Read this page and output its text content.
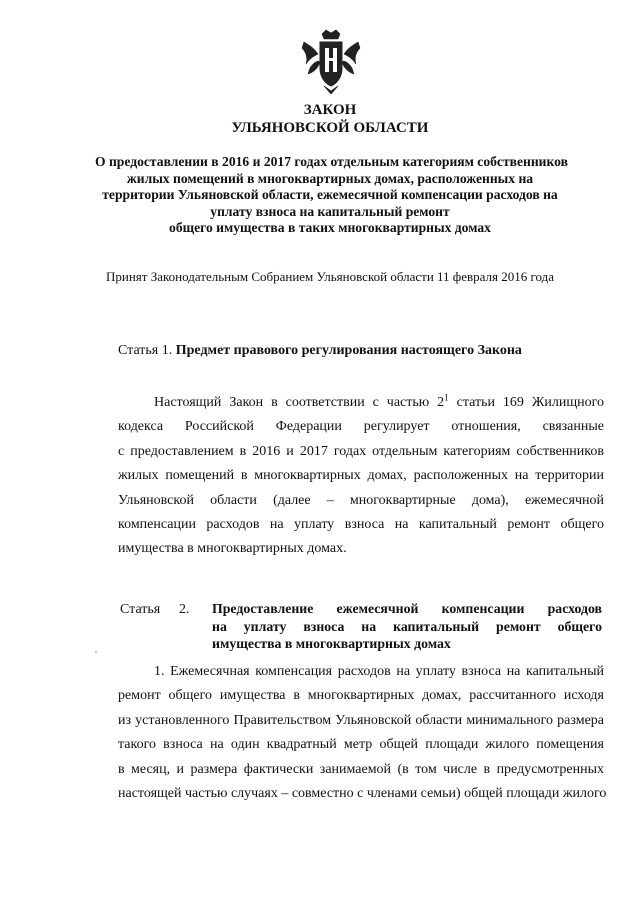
ЗАКОН
УЛЬЯНОВСКОЙ ОБЛАСТИ
О предоставлении в 2016 и 2017 годах отдельным категориям собственников
жилых помещений в многоквартирных домах, расположенных на
территории Ульяновской области, ежемесячной компенсации расходов на
уплату взноса на капитальный ремонт
общего имущества в таких многоквартирных домах
Принят Законодательным Собранием Ульяновской области 11 февраля 2016 года
Статья 1. Предмет правового регулирования настоящего Закона
Настоящий Закон в соответствии с частью $2^1$ статьи 169 Жилищного
кодекса Российской Федерации регулирует отношения, связанные
с предоставлением в 2016 и 2017 годах отдельным категориям собственников
жилых помещений в многоквартирных домах, расположенных на территории
Ульяновской области (далее – многоквартирные дома), ежемесячной
компенсации расходов на уплату взноса на капитальный ремонт общего
имущества в многоквартирных домах.
Статья 2. Предоставление ежемесячной компенсации расходов
на уплату взноса на капитальный ремонт общего
имущества в многоквартирных домах
,
1. Ежемесячная компенсация расходов на уплату взноса на капитальный
ремонт общего имущества в многоквартирных домах, рассчитанного исходя
из установленного Правительством Ульяновской области минимального размера
такого взноса на один квадратный метр общей площади жилого помещения
в месяц, и размера фактически занимаемой (в том числе в предусмотренных
настоящей частью случаях – совместно с членами семьи) общей площади жилого
